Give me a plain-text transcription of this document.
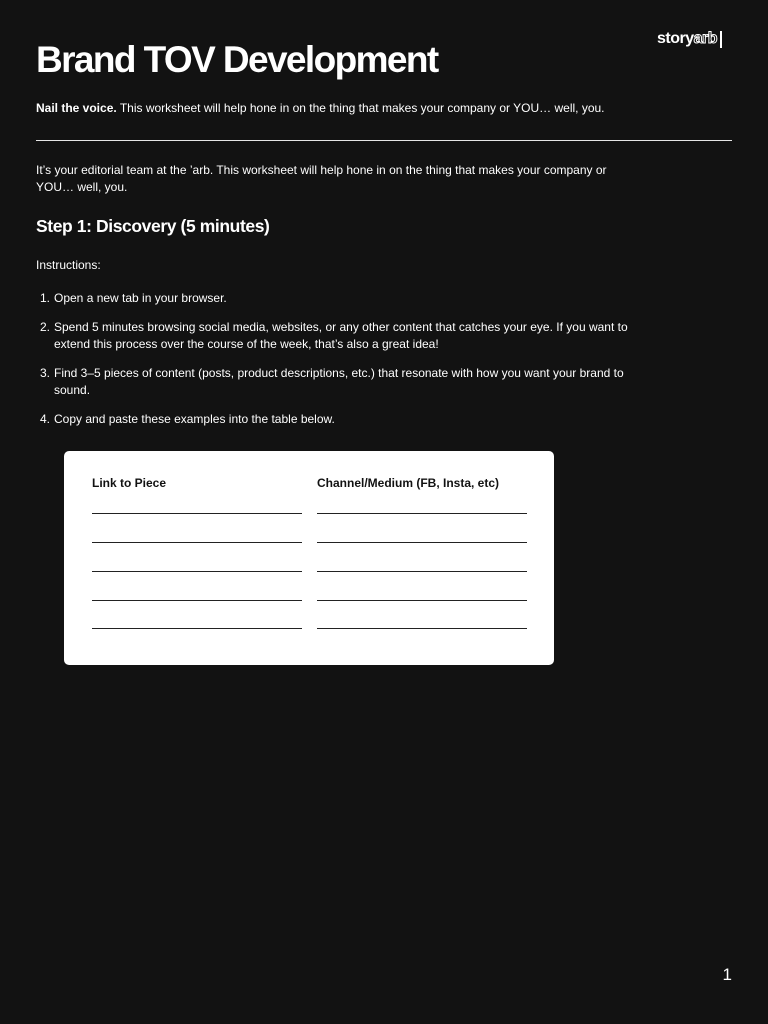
story arb
Brand TOV Development

Nail the voice. This worksheet will help hone in on the thing that makes your company or YOU… well, you.

It’s your editorial team at the ’arb. This worksheet will help hone in on the thing that makes your company or YOU… well, you.

Step 1: Discovery (5 minutes)

Instructions:

1. Open a new tab in your browser.
2. Spend 5 minutes browsing social media, websites, or any other content that catches your eye. If you want to extend this process over the course of the week, that’s also a great idea!
3. Find 3–5 pieces of content (posts, product descriptions, etc.) that resonate with how you want your brand to sound.
4. Copy and paste these examples into the table below.
Link to Piece	Channel/Medium (FB, Insta, etc)
1
